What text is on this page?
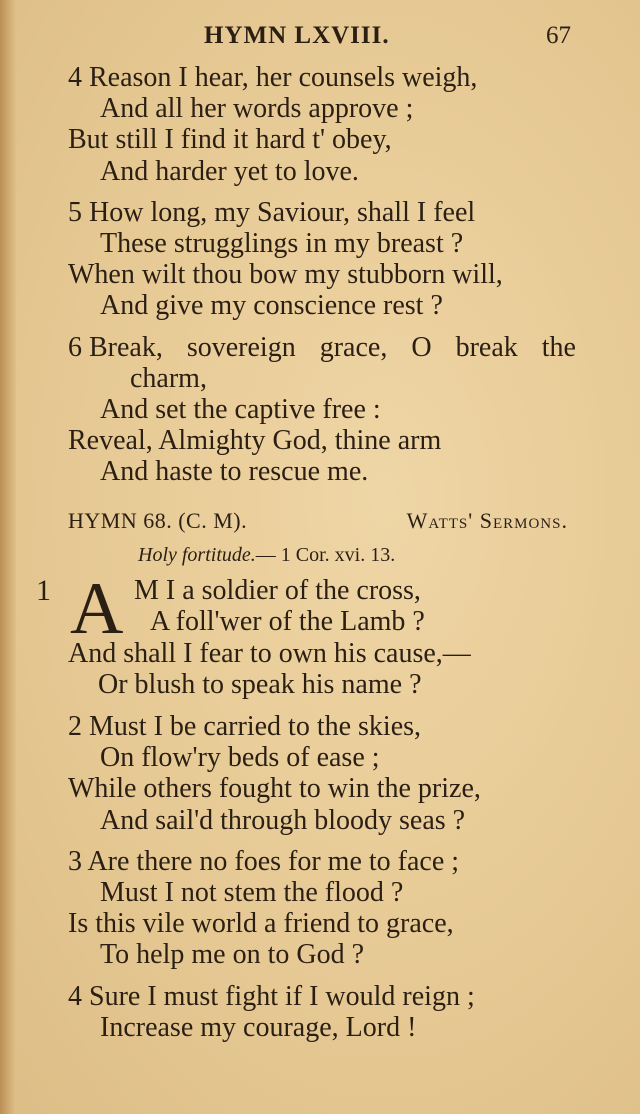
HYMN LXVIII.	67
4 Reason I hear, her counsels weigh,
And all her words approve ;
But still I find it hard t' obey,
And harder yet to love.
5 How long, my Saviour, shall I feel
These strugglings in my breast ?
When wilt thou bow my stubborn will,
And give my conscience rest ?
6 Break, sovereign grace, O break the
charm,
And set the captive free :
Reveal, Almighty God, thine arm
And haste to rescue me.
HYMN 68. (C. M).	Watts' Sermons.
Holy fortitude.— 1 Cor. xvi. 13.
1 A M I a soldier of the cross,
A foll'wer of the Lamb ?
And shall I fear to own his cause,—
Or blush to speak his name ?
2 Must I be carried to the skies,
On flow'ry beds of ease ;
While others fought to win the prize,
And sail'd through bloody seas ?
3 Are there no foes for me to face ;
Must I not stem the flood ?
Is this vile world a friend to grace,
To help me on to God ?
4 Sure I must fight if I would reign ;
Increase my courage, Lord !
